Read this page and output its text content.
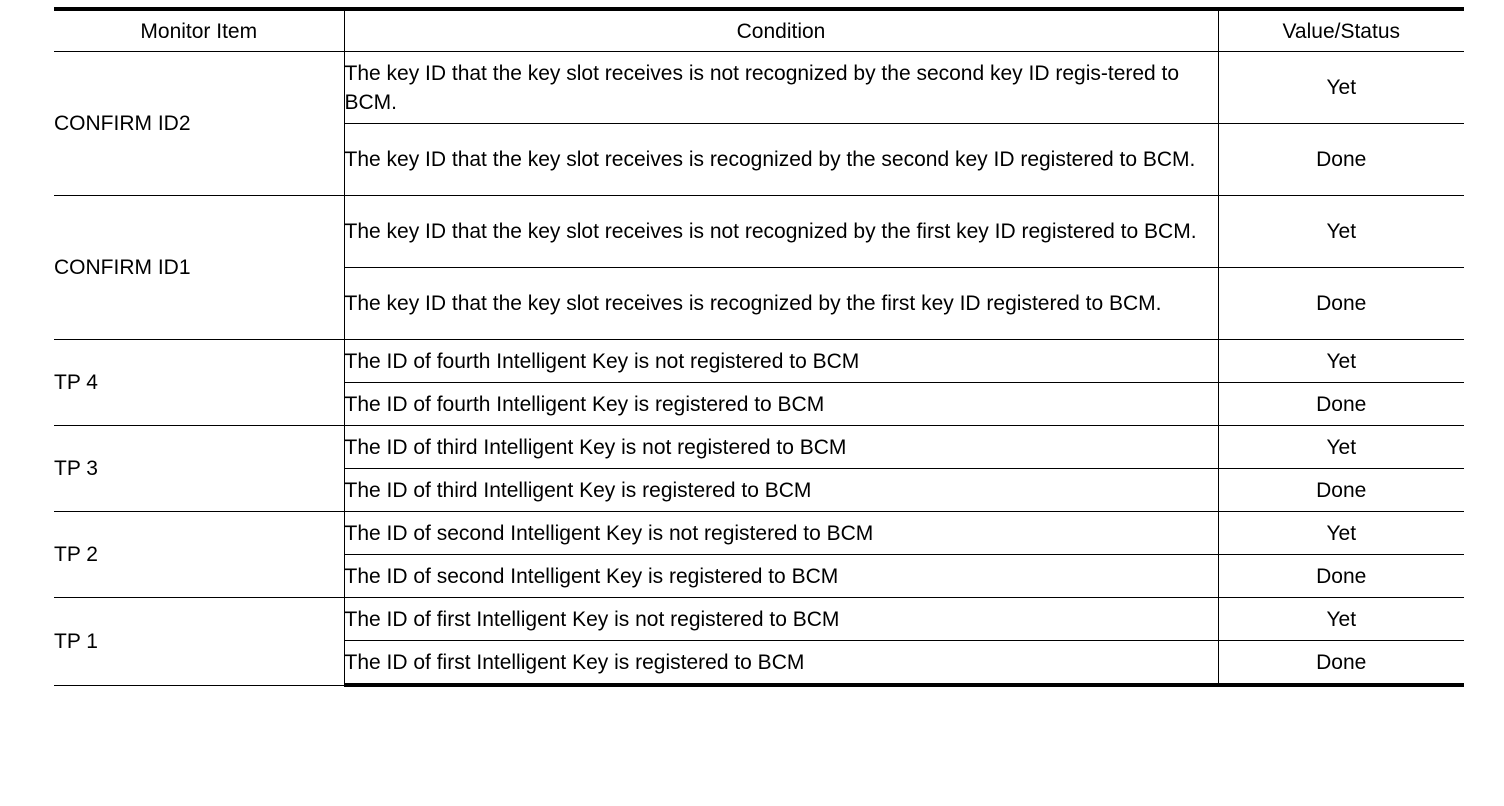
Monitor Item	Condition	Value/Status
CONFIRM ID2	The key ID that the key slot receives is not recognized by the second key ID regis-tered to BCM.	Yet
	The key ID that the key slot receives is recognized by the second key ID registered to BCM.	Done
CONFIRM ID1	The key ID that the key slot receives is not recognized by the first key ID registered to BCM.	Yet
	The key ID that the key slot receives is recognized by the first key ID registered to BCM.	Done
TP 4	The ID of fourth Intelligent Key is not registered to BCM	Yet
	The ID of fourth Intelligent Key is registered to BCM	Done
TP 3	The ID of third Intelligent Key is not registered to BCM	Yet
	The ID of third Intelligent Key is registered to BCM	Done
TP 2	The ID of second Intelligent Key is not registered to BCM	Yet
	The ID of second Intelligent Key is registered to BCM	Done
TP 1	The ID of first Intelligent Key is not registered to BCM	Yet
	The ID of first Intelligent Key is registered to BCM	Done
